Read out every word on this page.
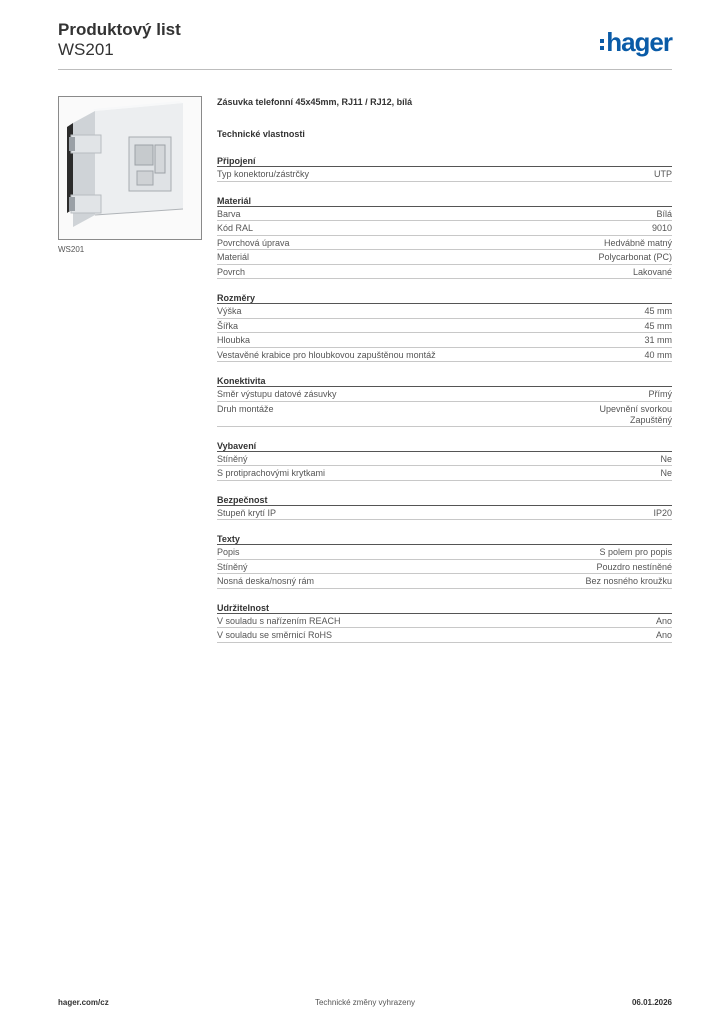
Produktový list
WS201	hager
WS201
Zásuvka telefonní 45x45mm, RJ11 / RJ12, bílá
Technické vlastnosti
Připojení
Typ konektoru/zástrčky	UTP
Materiál
Barva	Bílá
Kód RAL	9010
Povrchová úprava	Hedvábně matný
Materiál	Polycarbonat (PC)
Povrch	Lakované
Rozměry
Výška	45 mm
Šířka	45 mm
Hloubka	31 mm
Vestavěné krabice pro hloubkovou zapuštěnou montáž	40 mm
Konektivita
Směr výstupu datové zásuvky	Přímý
Druh montáže	Upevnění svorkou
Zapuštěný
Vybavení
Stíněný	Ne
S protiprachovými krytkami	Ne
Bezpečnost
Stupeň krytí IP	IP20
Texty
Popis	S polem pro popis
Stíněný	Pouzdro nestíněné
Nosná deska/nosný rám	Bez nosného kroužku
Udržitelnost
V souladu s nařízením REACH	Ano
V souladu se směrnicí RoHS	Ano
hager.com/cz	Technické změny vyhrazeny	06.01.2026
